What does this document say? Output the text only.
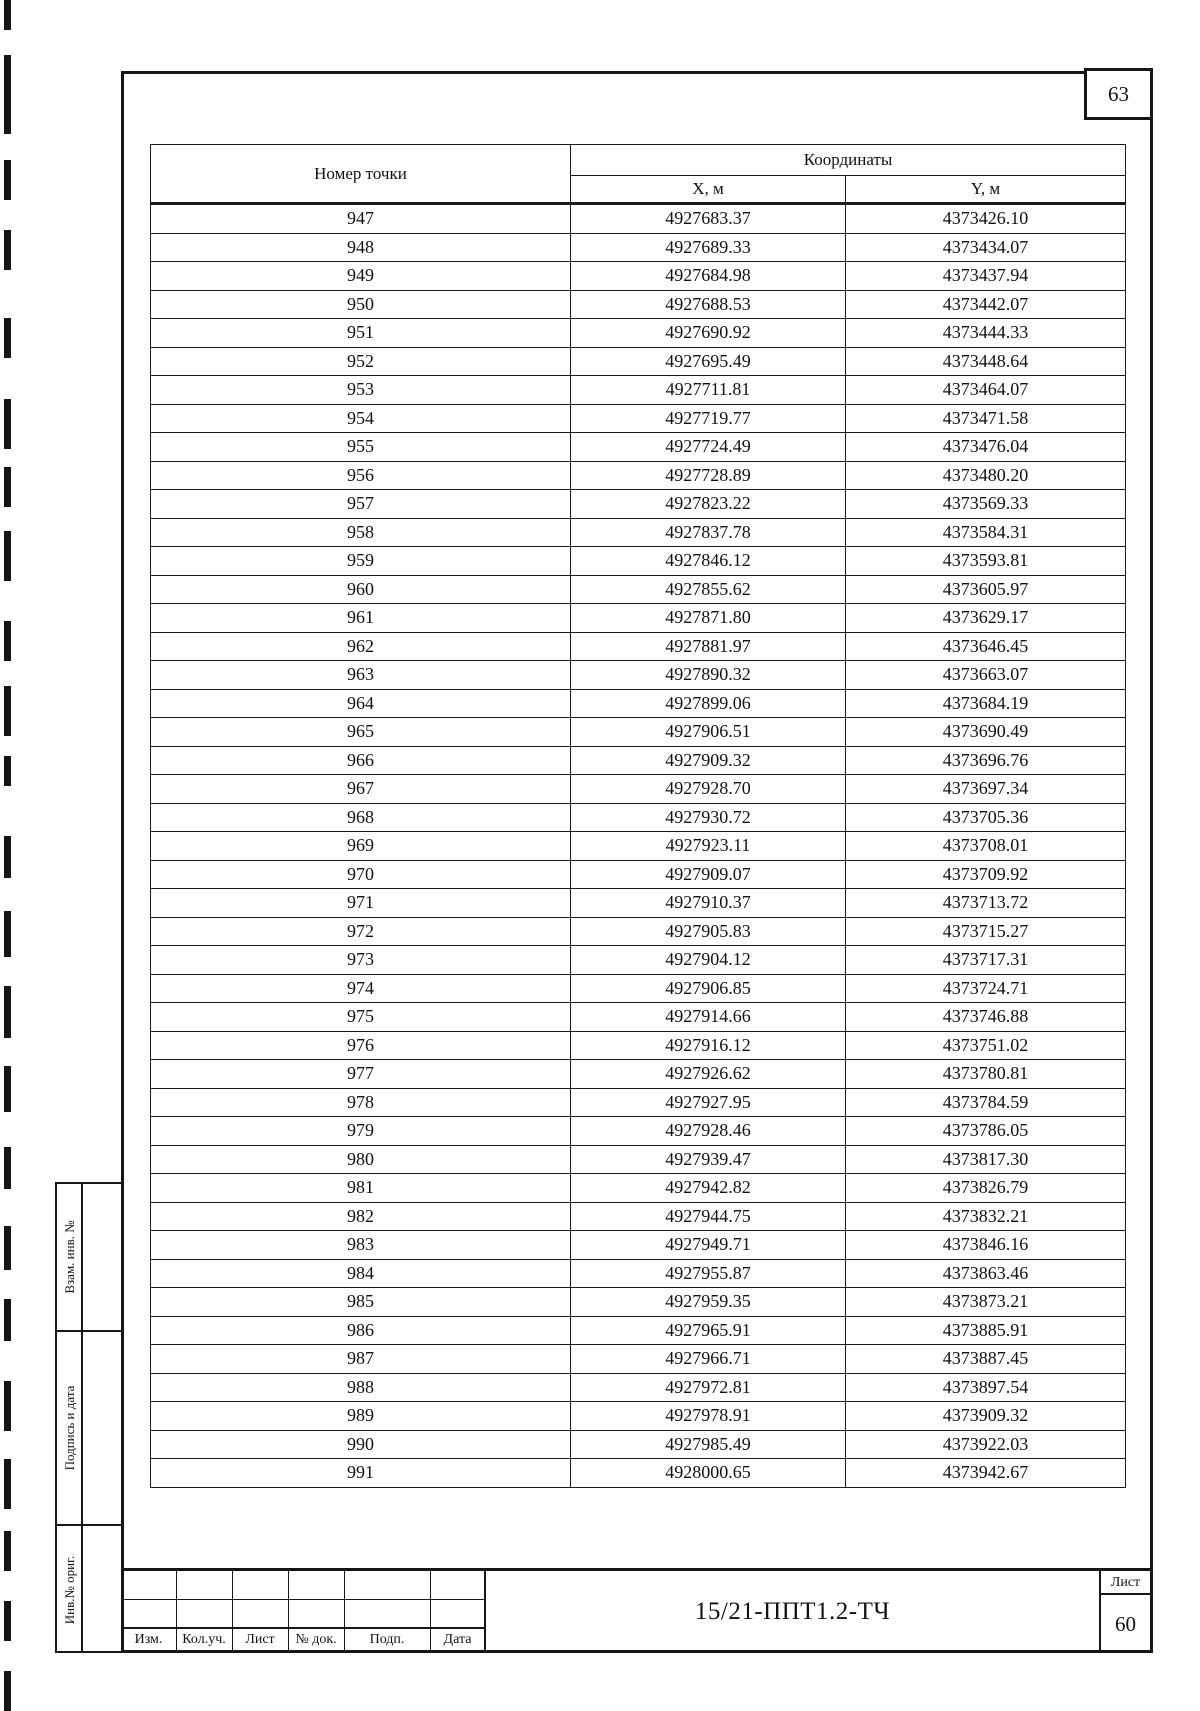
63
Взам. инв. №
Подпись и дата
Инв.№ ориг.
Номер точки	Координаты	
	X, м	Y, м
947	4927683.37	4373426.10
948	4927689.33	4373434.07
949	4927684.98	4373437.94
950	4927688.53	4373442.07
951	4927690.92	4373444.33
952	4927695.49	4373448.64
953	4927711.81	4373464.07
954	4927719.77	4373471.58
955	4927724.49	4373476.04
956	4927728.89	4373480.20
957	4927823.22	4373569.33
958	4927837.78	4373584.31
959	4927846.12	4373593.81
960	4927855.62	4373605.97
961	4927871.80	4373629.17
962	4927881.97	4373646.45
963	4927890.32	4373663.07
964	4927899.06	4373684.19
965	4927906.51	4373690.49
966	4927909.32	4373696.76
967	4927928.70	4373697.34
968	4927930.72	4373705.36
969	4927923.11	4373708.01
970	4927909.07	4373709.92
971	4927910.37	4373713.72
972	4927905.83	4373715.27
973	4927904.12	4373717.31
974	4927906.85	4373724.71
975	4927914.66	4373746.88
976	4927916.12	4373751.02
977	4927926.62	4373780.81
978	4927927.95	4373784.59
979	4927928.46	4373786.05
980	4927939.47	4373817.30
981	4927942.82	4373826.79
982	4927944.75	4373832.21
983	4927949.71	4373846.16
984	4927955.87	4373863.46
985	4927959.35	4373873.21
986	4927965.91	4373885.91
987	4927966.71	4373887.45
988	4927972.81	4373897.54
989	4927978.91	4373909.32
990	4927985.49	4373922.03
991	4928000.65	4373942.67
Изм.	Кол.уч.	Лист	№ док.	Подп.	Дата
15/21-ППТ1.2-ТЧ
Лист
60
